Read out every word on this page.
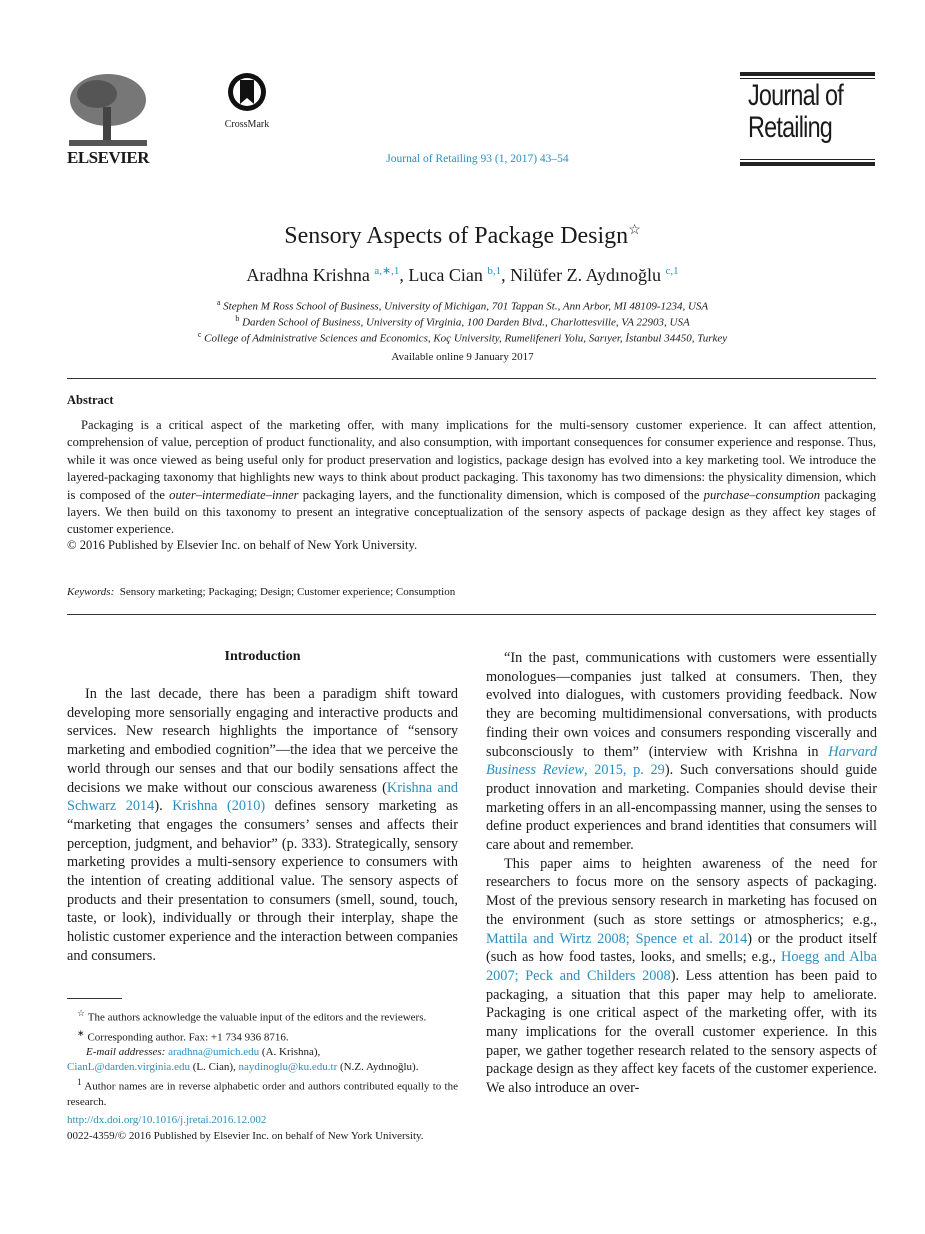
ELSEVIER
CrossMark
Journal of Retailing 93 (1, 2017) 43–54
Journal of
Retailing
Sensory Aspects of Package Design☆
Aradhna Krishna $^{a,∗,1}$, Luca Cian $^{b,1}$, Nilüfer Z. Aydınoğlu $^{c,1}$
$^a$ Stephen M Ross School of Business, University of Michigan, 701 Tappan St., Ann Arbor, MI 48109-1234, USA
$^b$ Darden School of Business, University of Virginia, 100 Darden Blvd., Charlottesville, VA 22903, USA
$^c$ College of Administrative Sciences and Economics, Koç University, Rumelifeneri Yolu, Sarıyer, İstanbul 34450, Turkey
Available online 9 January 2017
Abstract
Packaging is a critical aspect of the marketing offer, with many implications for the multi-sensory customer experience. It can affect attention, comprehension of value, perception of product functionality, and also consumption, with important consequences for consumer experience and response. Thus, while it was once viewed as being useful only for product preservation and logistics, package design has evolved into a key marketing tool. We introduce the layered-packaging taxonomy that highlights new ways to think about product packaging. This taxonomy has two dimensions: the physicality dimension, which is composed of the outer–intermediate–inner packaging layers, and the functionality dimension, which is composed of the purchase–consumption packaging layers. We then build on this taxonomy to present an integrative conceptualization of the sensory aspects of package design as they affect key stages of customer experience.
© 2016 Published by Elsevier Inc. on behalf of New York University.
Keywords: Sensory marketing; Packaging; Design; Customer experience; Consumption
Introduction

In the last decade, there has been a paradigm shift toward developing more sensorially engaging and interactive products and services. New research highlights the importance of “sensory marketing and embodied cognition”—the idea that we perceive the world through our senses and that our bodily sensations affect the decisions we make without our conscious awareness (Krishna and Schwarz 2014). Krishna (2010) defines sensory marketing as “marketing that engages the consumers’ senses and affects their perception, judgment, and behavior” (p. 333). Strategically, sensory marketing provides a multi-sensory experience to consumers with the intention of creating additional value. The sensory aspects of products and their presentation to consumers (smell, sound, touch, taste, or look), individually or through their interplay, shape the holistic customer experience and the interaction between companies and consumers.

“In the past, communications with customers were essentially monologues—companies just talked at consumers. Then, they evolved into dialogues, with customers providing feedback. Now they are becoming multidimensional conversations, with products finding their own voices and consumers responding viscerally and subconsciously to them” (interview with Krishna in Harvard Business Review, 2015, p. 29). Such conversations should guide product innovation and marketing. Companies should devise their marketing offers in an all-encompassing manner, using the senses to define product experiences and brand identities that consumers will care about and remember.

This paper aims to heighten awareness of the need for researchers to focus more on the sensory aspects of packaging. Most of the previous sensory research in marketing has focused on the environment (such as store settings or atmospherics; e.g., Mattila and Wirtz 2008; Spence et al. 2014) or the product itself (such as how food tastes, looks, and smells; e.g., Hoegg and Alba 2007; Peck and Childers 2008). Less attention has been paid to packaging, a situation that this paper may help to ameliorate. Packaging is one critical aspect of the marketing offer, with its many implications for the overall customer experience. In this paper, we gather together research related to the sensory aspects of package design as they affect key facets of the customer experience. We also introduce an over-

☆ The authors acknowledge the valuable input of the editors and the reviewers.
∗ Corresponding author. Fax: +1 734 936 8716.
E-mail addresses: aradhna@umich.edu (A. Krishna),
CianL@darden.virginia.edu (L. Cian), naydinoglu@ku.edu.tr (N.Z. Aydınoğlu).
$^1$ Author names are in reverse alphabetic order and authors contributed equally to the research.
http://dx.doi.org/10.1016/j.jretai.2016.12.002
0022-4359/© 2016 Published by Elsevier Inc. on behalf of New York University.
